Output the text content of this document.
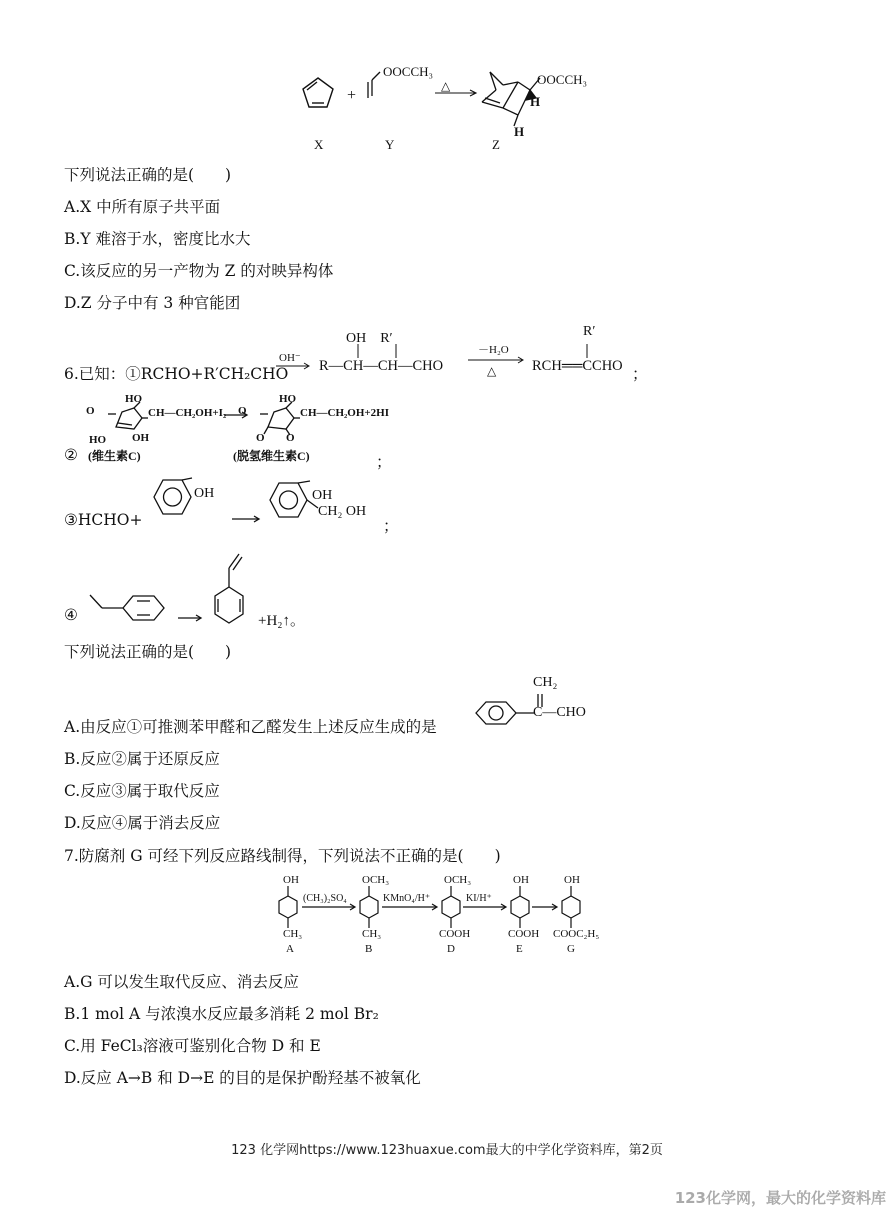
+
OOCCH₃
△	OOCCH₃
H
H
X	Y	Z
下列说法正确的是(　　)
A.X 中所有原子共平面
B.Y 难溶于水，密度比水大
C.该反应的另一产物为 Z 的对映异构体
D.Z 分子中有 3 种官能团
6.已知：①RCHO+R′CH₂CHO
OH⁻
OH　R′
R—CH—CH—CHO
－H₂O
△
R′
RCH══CCHO ；
HO
CH—CH₂OH+I₂
O
HO OH
HO
CH—CH₂OH+2HI
O
O O
② (维生素C)	(脱氢维生素C)	；
③HCHO+
OH	OH
CH₂ OH
；
④	+H₂↑。
下列说法正确的是(　　)
A.由反应①可推测苯甲醛和乙醛发生上述反应生成的是
CH₂
C—CHO
B.反应②属于还原反应
C.反应③属于取代反应
D.反应④属于消去反应
7.防腐剂 G 可经下列反应路线制得，下列说法不正确的是(　　)
OH	OCH₃	OCH₃	OH	OH
(CH₃)₂SO₄	KMnO₄/H⁺	KI/H⁺
CH₃	CH₃	COOH	COOH COOC₂H₅
A	B	D	E	G
A.G 可以发生取代反应、消去反应
B.1 mol A 与浓溴水反应最多消耗 2 mol Br₂
C.用 FeCl₃溶液可鉴别化合物 D 和 E
D.反应 A→B 和 D→E 的目的是保护酚羟基不被氧化
123 化学网https://www.123huaxue.com最大的中学化学资料库，第2页
123化学网，最大的化学资料库
